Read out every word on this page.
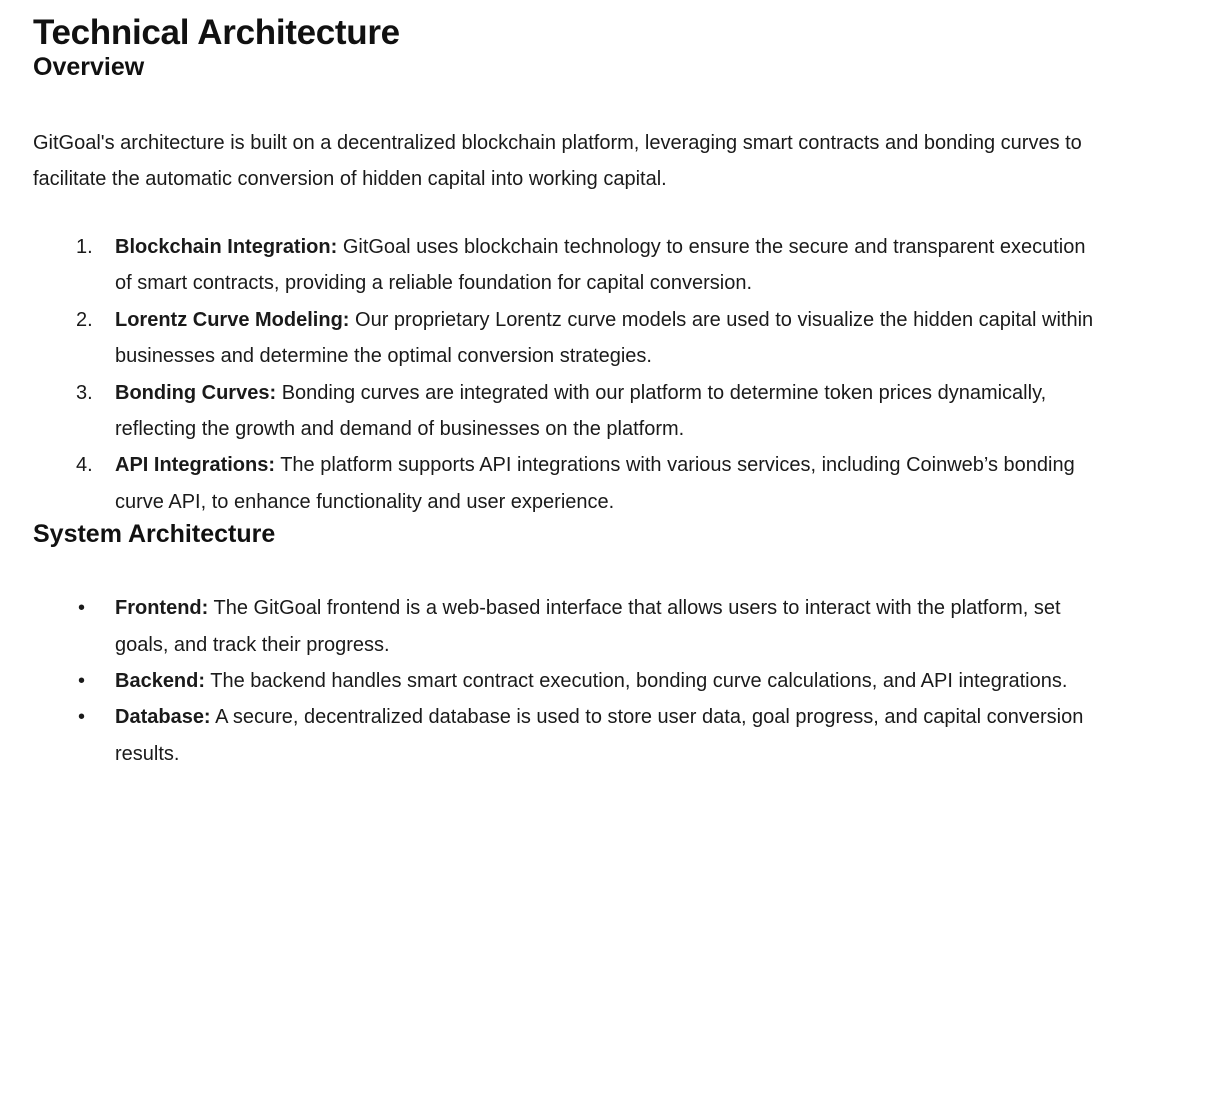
Technical Architecture
Overview

GitGoal's architecture is built on a decentralized blockchain platform, leveraging smart contracts and bonding curves to facilitate the automatic conversion of hidden capital into working capital.

1.	Blockchain Integration: GitGoal uses blockchain technology to ensure the secure and transparent execution of smart contracts, providing a reliable foundation for capital conversion.
2.	Lorentz Curve Modeling: Our proprietary Lorentz curve models are used to visualize the hidden capital within businesses and determine the optimal conversion strategies.
3.	Bonding Curves: Bonding curves are integrated with our platform to determine token prices dynamically, reflecting the growth and demand of businesses on the platform.
4.	API Integrations: The platform supports API integrations with various services, including Coinweb’s bonding curve API, to enhance functionality and user experience.
System Architecture
•	Frontend: The GitGoal frontend is a web-based interface that allows users to interact with the platform, set goals, and track their progress.
•	Backend: The backend handles smart contract execution, bonding curve calculations, and API integrations.
•	Database: A secure, decentralized database is used to store user data, goal progress, and capital conversion results.
